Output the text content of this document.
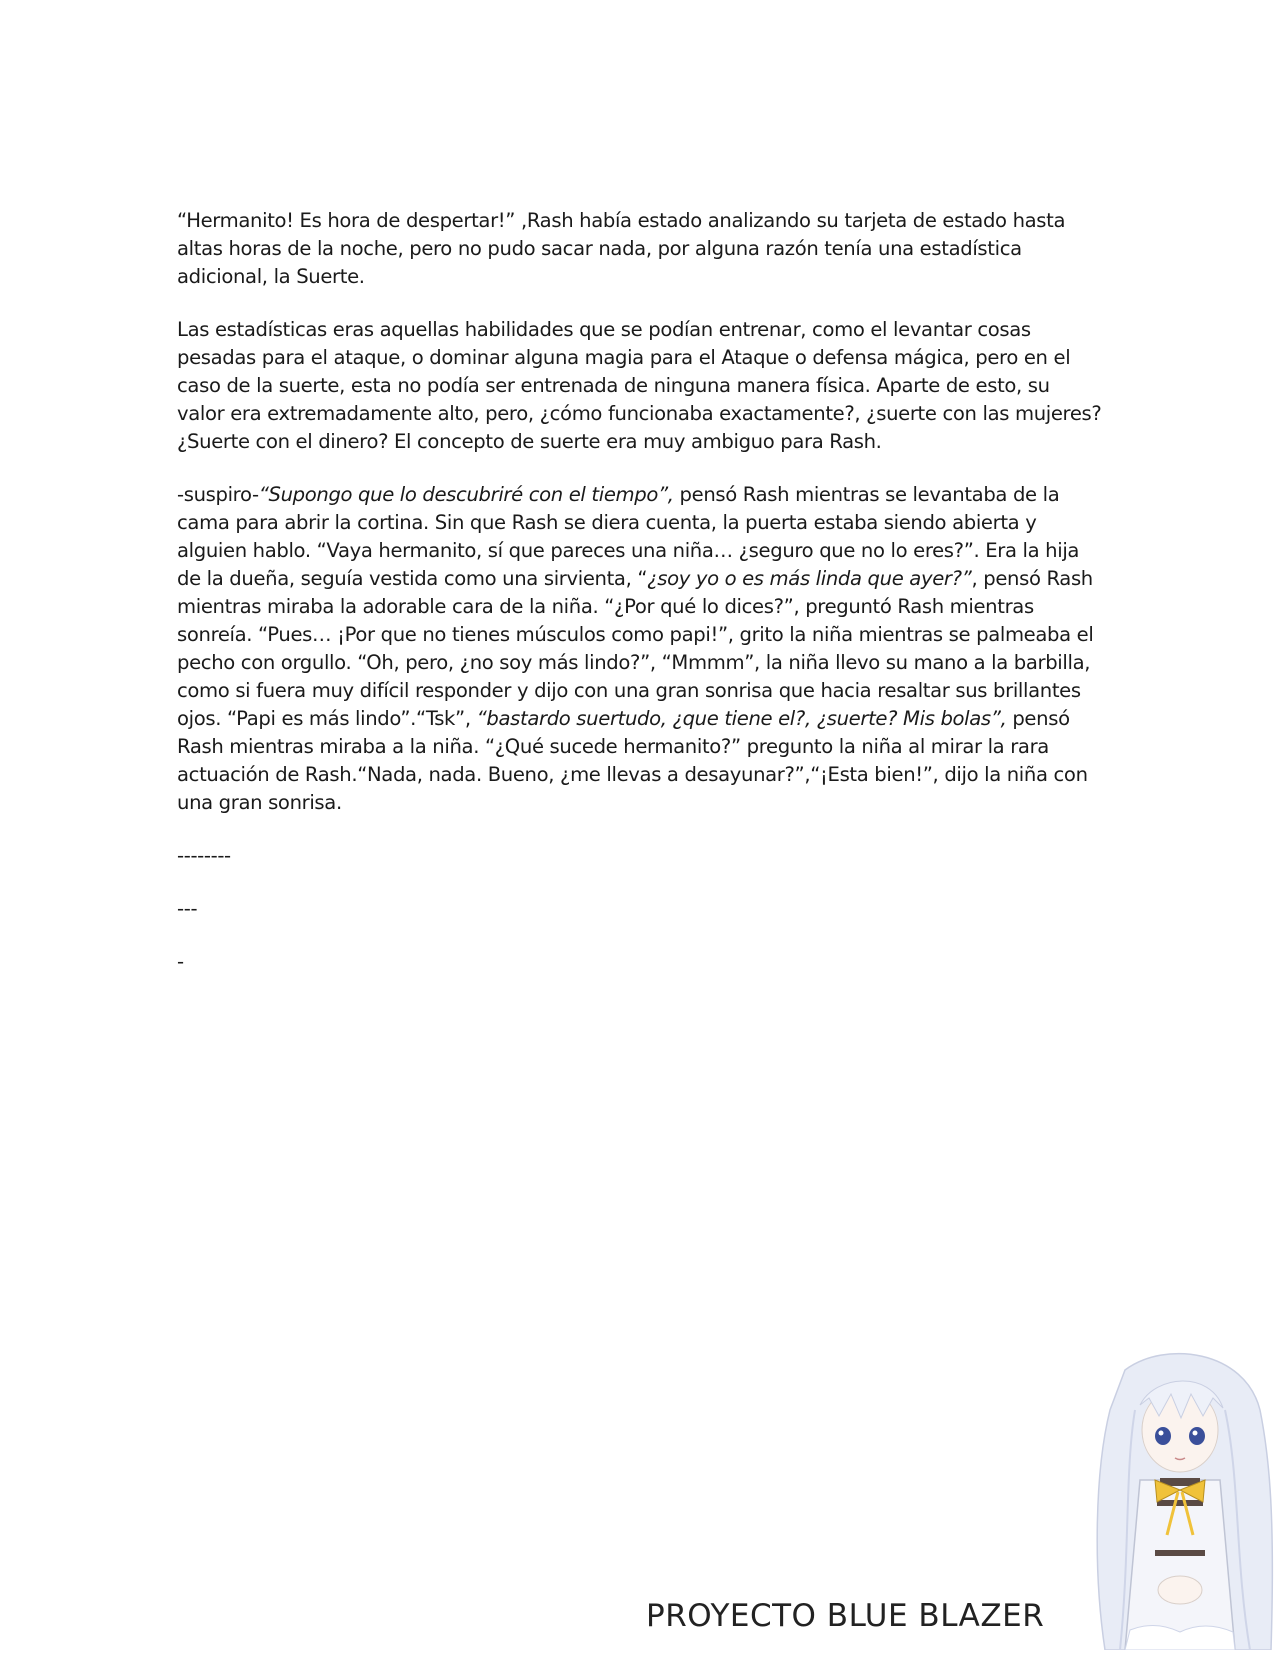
“Hermanito! Es hora de despertar!” ,Rash había estado analizando su tarjeta de estado hasta altas horas de la noche, pero no pudo sacar nada, por alguna razón tenía una estadística adicional, la Suerte.

Las estadísticas eras aquellas habilidades que se podían entrenar, como el levantar cosas pesadas para el ataque, o dominar alguna magia para el Ataque o defensa mágica, pero en el caso de la suerte, esta no podía ser entrenada de ninguna manera física. Aparte de esto, su valor era extremadamente alto, pero, ¿cómo funcionaba exactamente?, ¿suerte con las mujeres? ¿Suerte con el dinero? El concepto de suerte era muy ambiguo para Rash.

-suspiro-“Supongo que lo descubriré con el tiempo”, pensó Rash mientras se levantaba de la cama para abrir la cortina. Sin que Rash se diera cuenta, la puerta estaba siendo abierta y alguien hablo. “Vaya hermanito, sí que pareces una niña… ¿seguro que no lo eres?”. Era la hija de la dueña, seguía vestida como una sirvienta, “¿soy yo o es más linda que ayer?”, pensó Rash mientras miraba la adorable cara de la niña. “¿Por qué lo dices?”, preguntó Rash mientras sonreía. “Pues… ¡Por que no tienes músculos como papi!”, grito la niña mientras se palmeaba el pecho con orgullo. “Oh, pero, ¿no soy más lindo?”, “Mmmm”, la niña llevo su mano a la barbilla, como si fuera muy difícil responder y dijo con una gran sonrisa que hacia resaltar sus brillantes ojos. “Papi es más lindo”.“Tsk”, “bastardo suertudo, ¿que tiene el?, ¿suerte? Mis bolas”, pensó Rash mientras miraba a la niña. “¿Qué sucede hermanito?” pregunto la niña al mirar la rara actuación de Rash.“Nada, nada. Bueno, ¿me llevas a desayunar?”,“¡Esta bien!”, dijo la niña con una gran sonrisa.

--------
---
-
PROYECTO BLUE BLAZER
